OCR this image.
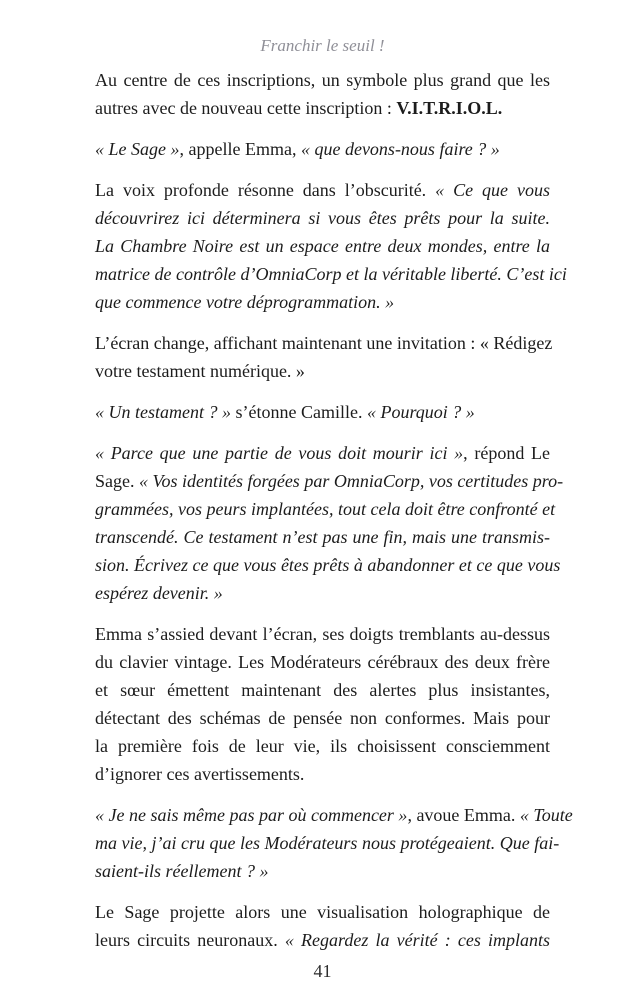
Franchir le seuil !
Au centre de ces inscriptions, un symbole plus grand que les
autres avec de nouveau cette inscription : V.I.T.R.I.O.L.
« Le Sage », appelle Emma, « que devons-nous faire ? »
La voix profonde résonne dans l’obscurité. « Ce que vous
découvrirez ici déterminera si vous êtes prêts pour la suite.
La Chambre Noire est un espace entre deux mondes, entre la
matrice de contrôle d’OmniaCorp et la véritable liberté. C’est ici
que commence votre déprogrammation. »
L’écran change, affichant maintenant une invitation : « Rédigez
votre testament numérique. »
« Un testament ? » s’étonne Camille. « Pourquoi ? »
« Parce que une partie de vous doit mourir ici », répond Le
Sage. « Vos identités forgées par OmniaCorp, vos certitudes pro-
grammées, vos peurs implantées, tout cela doit être confronté et
transcendé. Ce testament n’est pas une fin, mais une transmis-
sion. Écrivez ce que vous êtes prêts à abandonner et ce que vous
espérez devenir. »
Emma s’assied devant l’écran, ses doigts tremblants au-dessus
du clavier vintage. Les Modérateurs cérébraux des deux frère
et sœur émettent maintenant des alertes plus insistantes,
détectant des schémas de pensée non conformes. Mais pour
la première fois de leur vie, ils choisissent consciemment
d’ignorer ces avertissements.
« Je ne sais même pas par où commencer », avoue Emma. « Toute
ma vie, j’ai cru que les Modérateurs nous protégeaient. Que fai-
saient-ils réellement ? »
Le Sage projette alors une visualisation holographique de
leurs circuits neuronaux. « Regardez la vérité : ces implants
41
